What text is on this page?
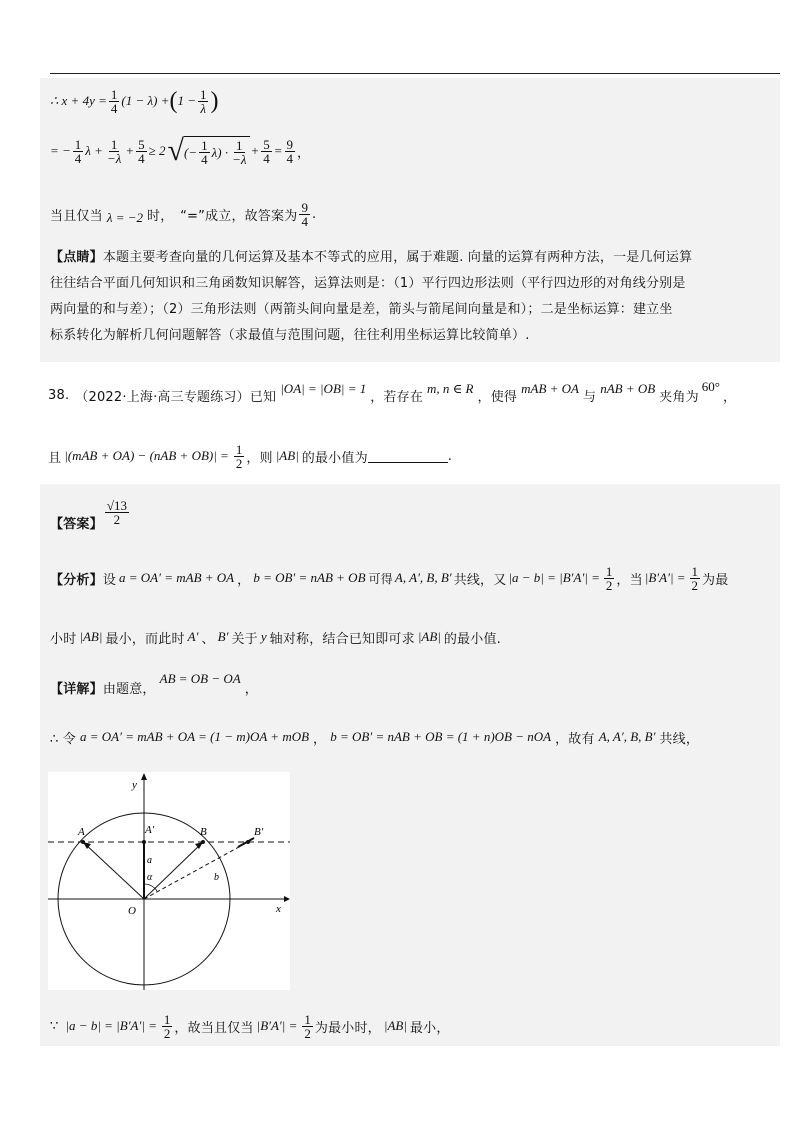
∴ $x + 4y = \frac{1}{4} (1 - \lambda)$ + ( $1 - \frac{1}{\lambda}$ )
= − $\frac{1}{4}$ $\lambda + \frac{1}{-\lambda} + \frac{5}{4} \ge 2$ √ (− $\frac{1}{4} \lambda) \cdot \frac{1}{-\lambda} + \frac{5}{4} = \frac{9}{4}$ ，
当且仅当 λ = −2 时，　“=”成立，故答案为 $\frac{9}{4}$ .
【点睛】本题主要考查向量的几何运算及基本不等式的应用，属于难题. 向量的运算有两种方法，一是几何运算
往往结合平面几何知识和三角函数知识解答，运算法则是：（1）平行四边形法则（平行四边形的对角线分别是
两向量的和与差）；（2）三角形法则（两箭头间向量是差，箭头与箭尾间向量是和）；二是坐标运算：建立坐
标系转化为解析几何问题解答（求最值与范围问题，往往利用坐标运算比较简单）.
38. （2022·上海·高三专题练习）已知
|OA| = |OB| = 1
，若存在
m, n ∈ R
，使得
mAB + OA
与
nAB + OB
夹角为
60°
，
且 $|(mAB + OA) - (nAB + OB)| = \frac{1}{2}$ ，则 |AB| 的最小值为	.
【答案】 $\frac{√13}{2}$
【分析】 设 a = OA′ = mAB + OA ， b = OB′ = nAB + OB 可得 A, A′, B, B′ 共线，又 $|a - b| = |B'A'| = \frac{1}{2}$ ，当 $|B'A'| = \frac{1}{2}$ 为最
小时 |AB| 最小，而此时 A′ 、 B′ 关于 y 轴对称，结合已知即可求 |AB| 的最小值.
【详解】 由题意，
AB = OB − OA
，
∴ 令 a = OA′ = mAB + OA = (1 − m)OA + mOB ， b = OB′ = nAB + OB = (1 + n)OB − nOA ，故有 A, A′, B, B′ 共线，
y
x
O
A	A′	B	B′
a
b
α
∵ $|a - b| = |B'A'| = \frac{1}{2}$ ，故当且仅当 $|B'A'| = \frac{1}{2}$ 为最小时， |AB| 最小，
